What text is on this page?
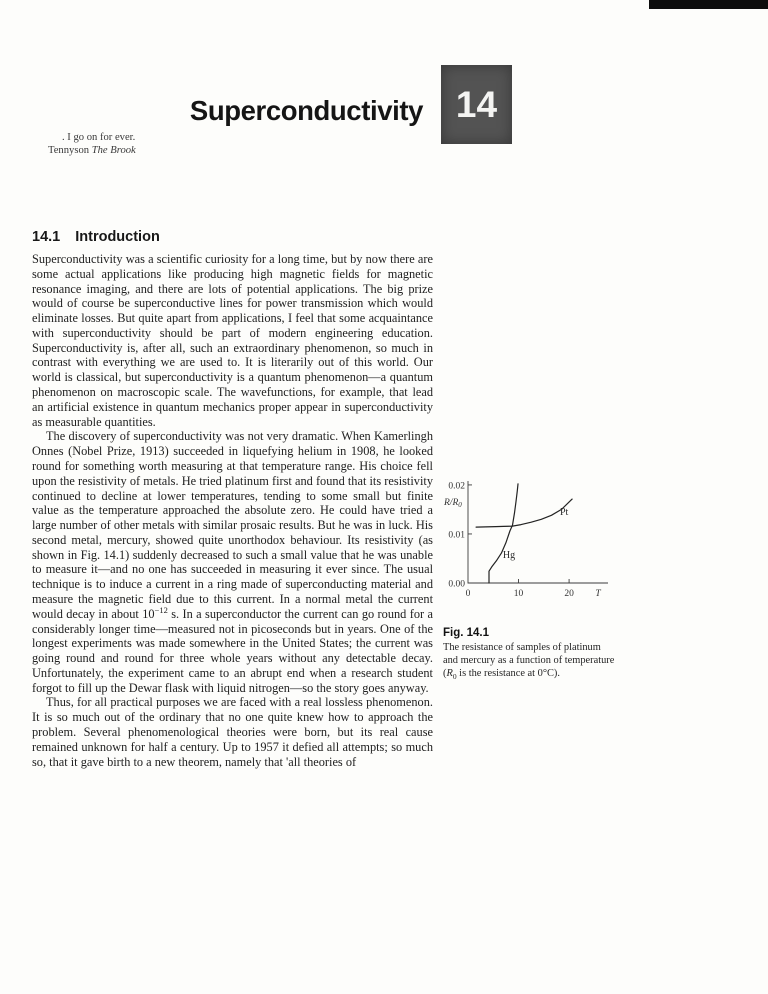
14
Superconductivity
. I go on for ever.
Tennyson The Brook
14.1 Introduction

Superconductivity was a scientific curiosity for a long time, but by now there are some actual applications like producing high magnetic fields for magnetic resonance imaging, and there are lots of potential applications. The big prize would of course be superconductive lines for power transmission which would eliminate losses. But quite apart from applications, I feel that some acquaintance with superconductivity should be part of modern engineering education. Superconductivity is, after all, such an extraordinary phenomenon, so much in contrast with everything we are used to. It is literarily out of this world. Our world is classical, but superconductivity is a quantum phenomenon—a quantum phenomenon on macroscopic scale. The wavefunctions, for example, that lead an artificial existence in quantum mechanics proper appear in superconductivity as measurable quantities.

The discovery of superconductivity was not very dramatic. When Kamerlingh Onnes (Nobel Prize, 1913) succeeded in liquefying helium in 1908, he looked round for something worth measuring at that temperature range. His choice fell upon the resistivity of metals. He tried platinum first and found that its resistivity continued to decline at lower temperatures, tending to some small but finite value as the temperature approached the absolute zero. He could have tried a large number of other metals with similar prosaic results. But he was in luck. His second metal, mercury, showed quite unorthodox behaviour. Its resistivity (as shown in Fig. 14.1) suddenly decreased to such a small value that he was unable to measure it—and no one has succeeded in measuring it ever since. The usual technique is to induce a current in a ring made of superconducting material and measure the magnetic field due to this current. In a normal metal the current would decay in about $10^{-12}$ s. In a superconductor the current can go round for a considerably longer time—measured not in picoseconds but in years. One of the longest experiments was made somewhere in the United States; the current was going round and round for three whole years without any detectable decay. Unfortunately, the experiment came to an abrupt end when a research student forgot to fill up the Dewar flask with liquid nitrogen—so the story goes anyway.

Thus, for all practical purposes we are faced with a real lossless phenomenon. It is so much out of the ordinary that no one quite knew how to approach the problem. Several phenomenological theories were born, but its real cause remained unknown for half a century. Up to 1957 it defied all attempts; so much so, that it gave birth to a new theorem, namely that 'all theories of

0	10	20
0.00
0.01
0.02
T
$R/R_0$
Pt
Hg
Fig. 14.1
The resistance of samples of platinum and mercury as a function of temperature ($R_0$ is the resistance at 0°C).
